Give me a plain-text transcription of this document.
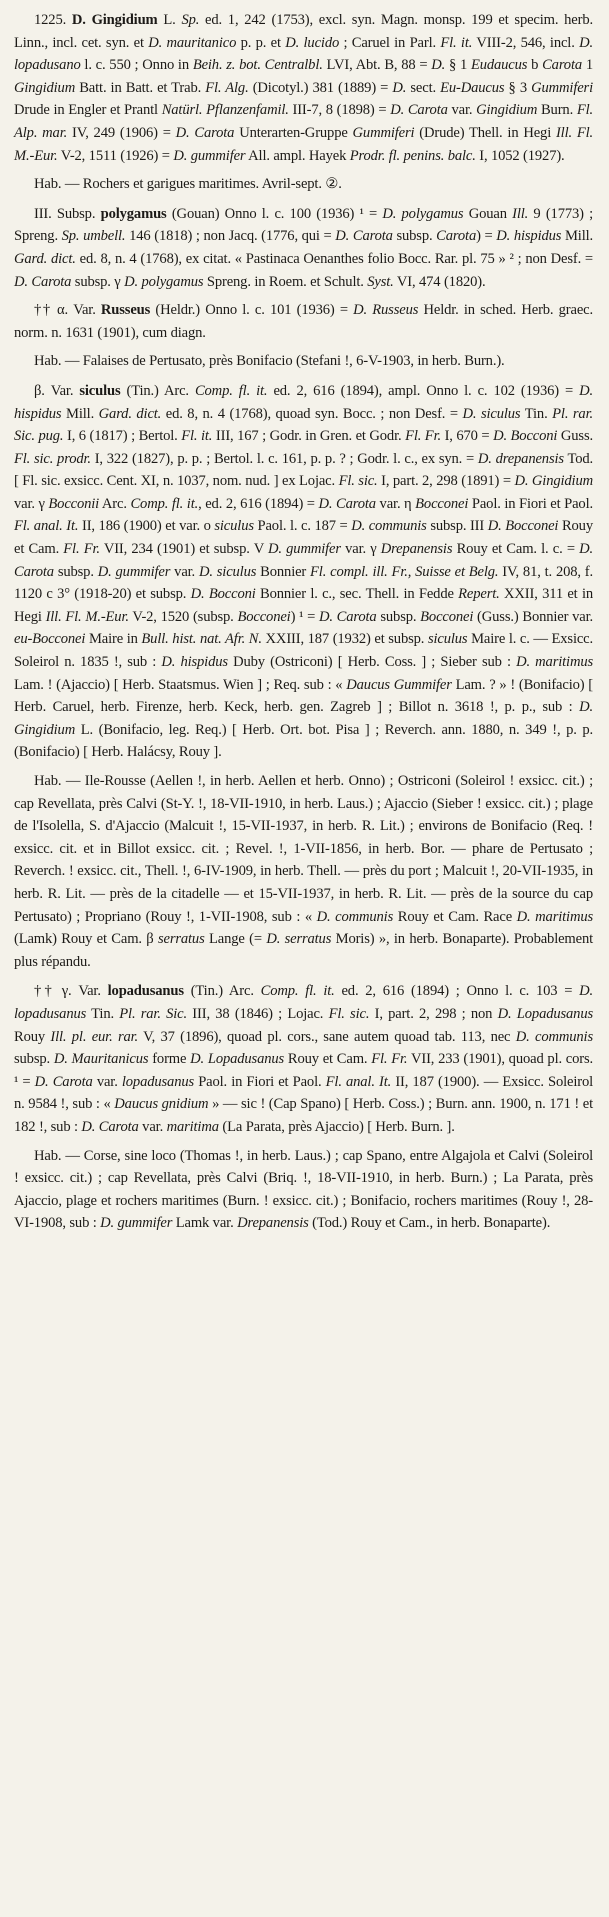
1225. D. Gingidium L. Sp. ed. 1, 242 (1753), excl. syn. Magn. monsp. 199 et specim. herb. Linn., incl. cet. syn. et D. mauritanico p. p. et D. lucido ; Caruel in Parl. Fl. it. VIII-2, 546, incl. D. lopadusano l. c. 550 ; Onno in Beih. z. bot. Centralbl. LVI, Abt. B, 88 = D. § 1 Eudaucus b Carota 1 Gingidium Batt. in Batt. et Trab. Fl. Alg. (Dicotyl.) 381 (1889) = D. sect. Eu-Daucus § 3 Gummiferi Drude in Engler et Prantl Natürl. Pflanzenfamil. III-7, 8 (1898) = D. Carota var. Gingidium Burn. Fl. Alp. mar. IV, 249 (1906) = D. Carota Unterarten-Gruppe Gummiferi (Drude) Thell. in Hegi Ill. Fl. M.-Eur. V-2, 1511 (1926) = D. gummifer All. ampl. Hayek Prodr. fl. penins. balc. I, 1052 (1927).

Hab. — Rochers et garigues maritimes. Avril-sept. ②.

III. Subsp. polygamus (Gouan) Onno l. c. 100 (1936) ¹ = D. polygamus Gouan Ill. 9 (1773) ; Spreng. Sp. umbell. 146 (1818) ; non Jacq. (1776, qui = D. Carota subsp. Carota) = D. hispidus Mill. Gard. dict. ed. 8, n. 4 (1768), ex citat. « Pastinaca Oenanthes folio Bocc. Rar. pl. 75 » ² ; non Desf. = D. Carota subsp. γ D. polygamus Spreng. in Roem. et Schult. Syst. VI, 474 (1820).

†† α. Var. Russeus (Heldr.) Onno l. c. 101 (1936) = D. Russeus Heldr. in sched. Herb. graec. norm. n. 1631 (1901), cum diagn.

Hab. — Falaises de Pertusato, près Bonifacio (Stefani !, 6-V-1903, in herb. Burn.).

β. Var. siculus (Tin.) Arc. Comp. fl. it. ed. 2, 616 (1894), ampl. Onno l. c. 102 (1936) = D. hispidus Mill. Gard. dict. ed. 8, n. 4 (1768), quoad syn. Bocc. ; non Desf. = D. siculus Tin. Pl. rar. Sic. pug. I, 6 (1817) ; Bertol. Fl. it. III, 167 ; Godr. in Gren. et Godr. Fl. Fr. I, 670 = D. Bocconi Guss. Fl. sic. prodr. I, 322 (1827), p. p. ; Bertol. l. c. 161, p. p. ? ; Godr. l. c., ex syn. = D. drepanensis Tod. [ Fl. sic. exsicc. Cent. XI, n. 1037, nom. nud. ] ex Lojac. Fl. sic. I, part. 2, 298 (1891) = D. Gingidium var. γ Bocconii Arc. Comp. fl. it., ed. 2, 616 (1894) = D. Carota var. η Bocconei Paol. in Fiori et Paol. Fl. anal. It. II, 186 (1900) et var. ο siculus Paol. l. c. 187 = D. communis subsp. III D. Bocconei Rouy et Cam. Fl. Fr. VII, 234 (1901) et subsp. V D. gummifer var. γ Drepanensis Rouy et Cam. l. c. = D. Carota subsp. D. gummifer var. D. siculus Bonnier Fl. compl. ill. Fr., Suisse et Belg. IV, 81, t. 208, f. 1120 c 3° (1918-20) et subsp. D. Bocconi Bonnier l. c., sec. Thell. in Fedde Repert. XXII, 311 et in Hegi Ill. Fl. M.-Eur. V-2, 1520 (subsp. Bocconei) ¹ = D. Carota subsp. Bocconei (Guss.) Bonnier var. eu-Bocconei Maire in Bull. hist. nat. Afr. N. XXIII, 187 (1932) et subsp. siculus Maire l. c. — Exsicc. Soleirol n. 1835 !, sub : D. hispidus Duby (Ostriconi) [ Herb. Coss. ] ; Sieber sub : D. maritimus Lam. ! (Ajaccio) [ Herb. Staatsmus. Wien ] ; Req. sub : « Daucus Gummifer Lam. ? » ! (Bonifacio) [ Herb. Caruel, herb. Firenze, herb. Keck, herb. gen. Zagreb ] ; Billot n. 3618 !, p. p., sub : D. Gingidium L. (Bonifacio, leg. Req.) [ Herb. Ort. bot. Pisa ] ; Reverch. ann. 1880, n. 349 !, p. p. (Bonifacio) [ Herb. Halácsy, Rouy ].

Hab. — Ile-Rousse (Aellen !, in herb. Aellen et herb. Onno) ; Ostriconi (Soleirol ! exsicc. cit.) ; cap Revellata, près Calvi (St-Y. !, 18-VII-1910, in herb. Laus.) ; Ajaccio (Sieber ! exsicc. cit.) ; plage de l'Isolella, S. d'Ajaccio (Malcuit !, 15-VII-1937, in herb. R. Lit.) ; environs de Bonifacio (Req. ! exsicc. cit. et in Billot exsicc. cit. ; Revel. !, 1-VII-1856, in herb. Bor. — phare de Pertusato ; Reverch. ! exsicc. cit., Thell. !, 6-IV-1909, in herb. Thell. — près du port ; Malcuit !, 20-VII-1935, in herb. R. Lit. — près de la citadelle — et 15-VII-1937, in herb. R. Lit. — près de la source du cap Pertusato) ; Propriano (Rouy !, 1-VII-1908, sub : « D. communis Rouy et Cam. Race D. maritimus (Lamk) Rouy et Cam. β serratus Lange (= D. serratus Moris) », in herb. Bonaparte). Probablement plus répandu.

†† γ. Var. lopadusanus (Tin.) Arc. Comp. fl. it. ed. 2, 616 (1894) ; Onno l. c. 103 = D. lopadusanus Tin. Pl. rar. Sic. III, 38 (1846) ; Lojac. Fl. sic. I, part. 2, 298 ; non D. Lopadusanus Rouy Ill. pl. eur. rar. V, 37 (1896), quoad pl. cors., sane autem quoad tab. 113, nec D. communis subsp. D. Mauritanicus forme D. Lopadusanus Rouy et Cam. Fl. Fr. VII, 233 (1901), quoad pl. cors. ¹ = D. Carota var. lopadusanus Paol. in Fiori et Paol. Fl. anal. It. II, 187 (1900). — Exsicc. Soleirol n. 9584 !, sub : « Daucus gnidium » — sic ! (Cap Spano) [ Herb. Coss.) ; Burn. ann. 1900, n. 171 ! et 182 !, sub : D. Carota var. maritima (La Parata, près Ajaccio) [ Herb. Burn. ].

Hab. — Corse, sine loco (Thomas !, in herb. Laus.) ; cap Spano, entre Algajola et Calvi (Soleirol ! exsicc. cit.) ; cap Revellata, près Calvi (Briq. !, 18-VII-1910, in herb. Burn.) ; La Parata, près Ajaccio, plage et rochers maritimes (Burn. ! exsicc. cit.) ; Bonifacio, rochers maritimes (Rouy !, 28-VI-1908, sub : D. gummifer Lamk var. Drepanensis (Tod.) Rouy et Cam., in herb. Bonaparte).
